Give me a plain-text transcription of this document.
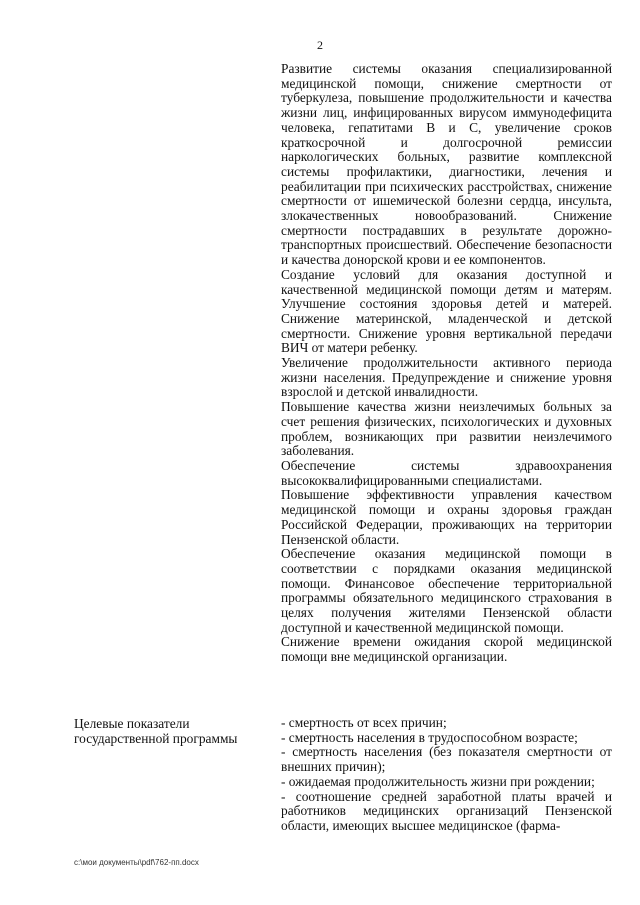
2

Развитие системы оказания специализированной медицинской помощи, снижение смертности от туберкулеза, повышение продолжительности и качества жизни лиц, инфицированных вирусом иммунодефицита человека, гепатитами В и С, увеличение сроков краткосрочной и долгосрочной ремиссии наркологических больных, развитие комплексной системы профилактики, диагностики, лечения и реабилитации при психических расстройствах, снижение смертности от ишемической болезни сердца, инсульта, злокачественных новообразований. Снижение смертности пострадавших в результате дорожно-транспортных происшествий. Обеспечение безопасности и качества донорской крови и ее компонентов.

Создание условий для оказания доступной и качественной медицинской помощи детям и матерям. Улучшение состояния здоровья детей и матерей. Снижение материнской, младенческой и детской смертности. Снижение уровня вертикальной передачи ВИЧ от матери ребенку.

Увеличение продолжительности активного периода жизни населения. Предупреждение и снижение уровня взрослой и детской инвалидности.

Повышение качества жизни неизлечимых больных за счет решения физических, психологических и духовных проблем, возникающих при развитии неизлечимого заболевания.

Обеспечение системы здравоохранения высококвалифицированными специалистами.

Повышение эффективности управления качеством медицинской помощи и охраны здоровья граждан Российской Федерации, проживающих на территории Пензенской области.

Обеспечение оказания медицинской помощи в соответствии с порядками оказания медицинской помощи. Финансовое обеспечение территориальной программы обязательного медицинского страхования в целях получения жителями Пензенской области доступной и качественной медицинской помощи.

Снижение времени ожидания скорой медицинской помощи вне медицинской организации.

Целевые показатели государственной программы
- смертность от всех причин;
- смертность населения в трудоспособном возрасте;
- смертность населения (без показателя смертности от внешних причин);
- ожидаемая продолжительность жизни при рождении;
- соотношение средней заработной платы врачей и работников медицинских организаций Пензенской области, имеющих высшее медицинское (фарма-
c:\мои документы\pdf\762-пп.docx
